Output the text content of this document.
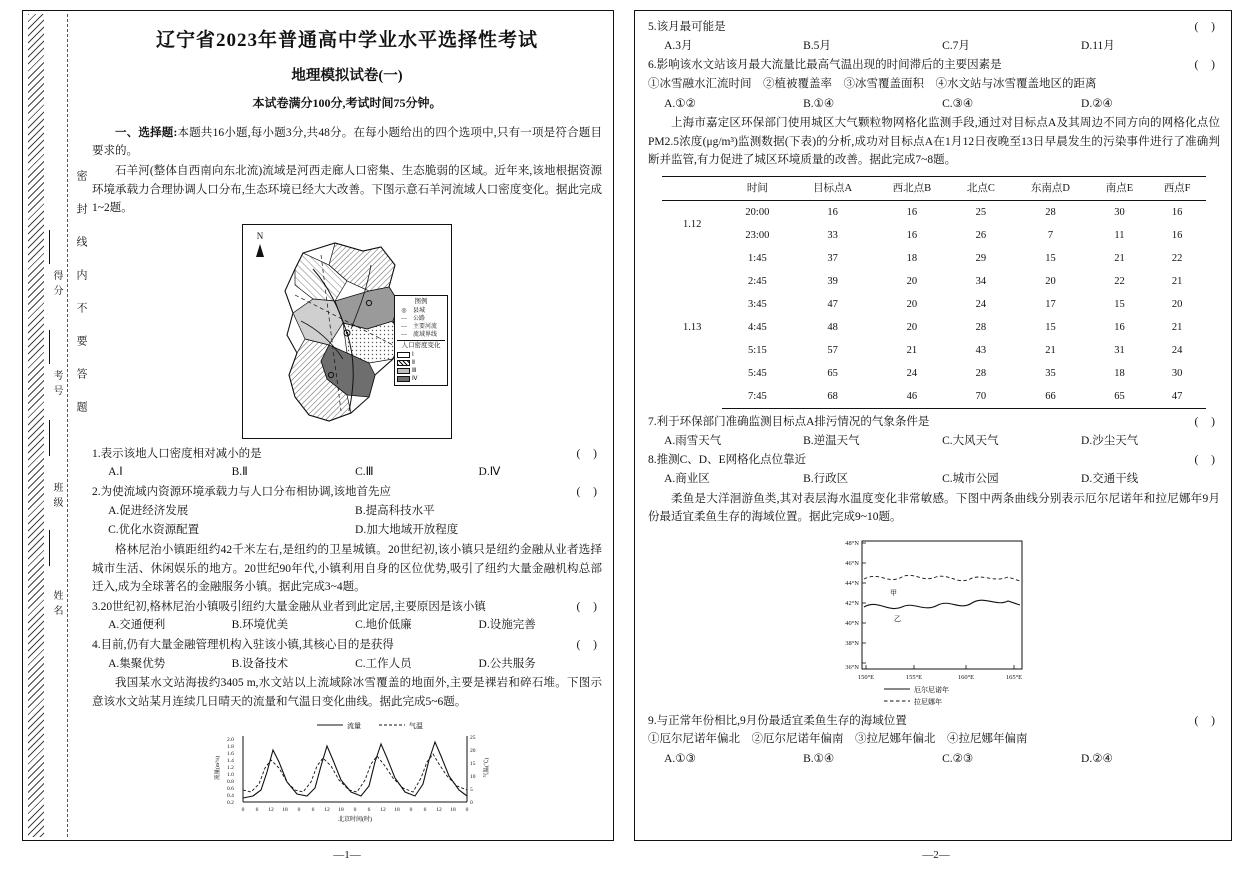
得分
考号
班级
姓名
密封线内不要答题
辽宁省2023年普通高中学业水平选择性考试
地理模拟试卷(一)
本试卷满分100分,考试时间75分钟。

一、选择题:本题共16小题,每小题3分,共48分。在每小题给出的四个选项中,只有一项是符合题目要求的。

石羊河(整体自西南向东北流)流域是河西走廊人口密集、生态脆弱的区域。近年来,该地根据资源环境承载力合理协调人口分布,生态环境已经大大改善。下图示意石羊河流域人口密度变化。据此完成1~2题。

N
图例
◎	县城
—	公路
—	主要河流
—	流域界线
人口密度变化
Ⅰ
Ⅱ
Ⅲ
Ⅳ
1.表示该地人口密度相对减小的是	( )
A.Ⅰ	B.Ⅱ	C.Ⅲ	D.Ⅳ
2.为使流域内资源环境承载力与人口分布相协调,该地首先应	( )
A.促进经济发展	B.提高科技水平
C.优化水资源配置	D.加大地域开放程度

格林尼治小镇距纽约42千米左右,是纽约的卫星城镇。20世纪初,该小镇只是纽约金融从业者选择城市生活、休闲娱乐的地方。20世纪90年代,小镇利用自身的区位优势,吸引了纽约大量金融机构总部迁入,成为全球著名的金融服务小镇。据此完成3~4题。

3.20世纪初,格林尼治小镇吸引纽约大量金融从业者到此定居,主要原因是该小镇	( )
A.交通便利	B.环境优美	C.地价低廉	D.设施完善
4.目前,仍有大量金融管理机构入驻该小镇,其核心目的是获得	( )
A.集聚优势	B.设备技术	C.工作人员	D.公共服务

我国某水文站海拔约3405 m,水文站以上流域除冰雪覆盖的地面外,主要是裸岩和碎石堆。下图示意该水文站某月连续几日晴天的流量和气温日变化曲线。据此完成5~6题。

流量	气温
0.2
0.4
0.6
0.8
1.0
1.2
1.4
1.6
1.8
2.0
流量(m³/s)
0
5
10
15
20
25
气温(℃)
0 6 12 18 0 6 12 18 0 6 12 18 0 6 12 18 0
北京时间(时)
—1—
5.该月最可能是	( )
A.3月	B.5月	C.7月	D.11月
6.影响该水文站该月最大流量比最高气温出现的时间滞后的主要因素是	( )

①冰雪融水汇流时间　②植被覆盖率　③冰雪覆盖面积　④水文站与冰雪覆盖地区的距离

A.①②	B.①④	C.③④	D.②④

上海市嘉定区环保部门使用城区大气颗粒物网格化监测手段,通过对目标点A及其周边不同方向的网格化点位PM2.5浓度(μg/m³)监测数据(下表)的分析,成功对目标点A在1月12日夜晚至13日早晨发生的污染事件进行了准确判断并监管,有力促进了城区环境质量的改善。据此完成7~8题。

	时间	目标点A	西北点B	北点C	东南点D	南点E	西点F
1.12	20:00	16	16	25	28	30	16
	23:00	33	16	26	7	11	16
1.13	1:45	37	18	29	15	21	22
	2:45	39	20	34	20	22	21
	3:45	47	20	24	17	15	20
	4:45	48	20	28	15	16	21
	5:15	57	21	43	21	31	24
	5:45	65	24	28	35	18	30
	7:45	68	46	70	66	65	47
7.利于环保部门准确监测目标点A排污情况的气象条件是	( )
A.雨雪天气	B.逆温天气	C.大风天气	D.沙尘天气
8.推测C、D、E网格化点位靠近	( )
A.商业区	B.行政区	C.城市公园	D.交通干线

柔鱼是大洋洄游鱼类,其对表层海水温度变化非常敏感。下图中两条曲线分别表示厄尔尼诺年和拉尼娜年9月份最适宜柔鱼生存的海域位置。据此完成9~10题。

48°N
46°N
44°N
42°N
40°N
38°N
36°N
150°E	155°E	160°E	165°E
甲
乙
厄尔尼诺年
拉尼娜年
9.与正常年份相比,9月份最适宜柔鱼生存的海域位置	( )

①厄尔尼诺年偏北　②厄尔尼诺年偏南　③拉尼娜年偏北　④拉尼娜年偏南

A.①③	B.①④	C.②③	D.②④
—2—
